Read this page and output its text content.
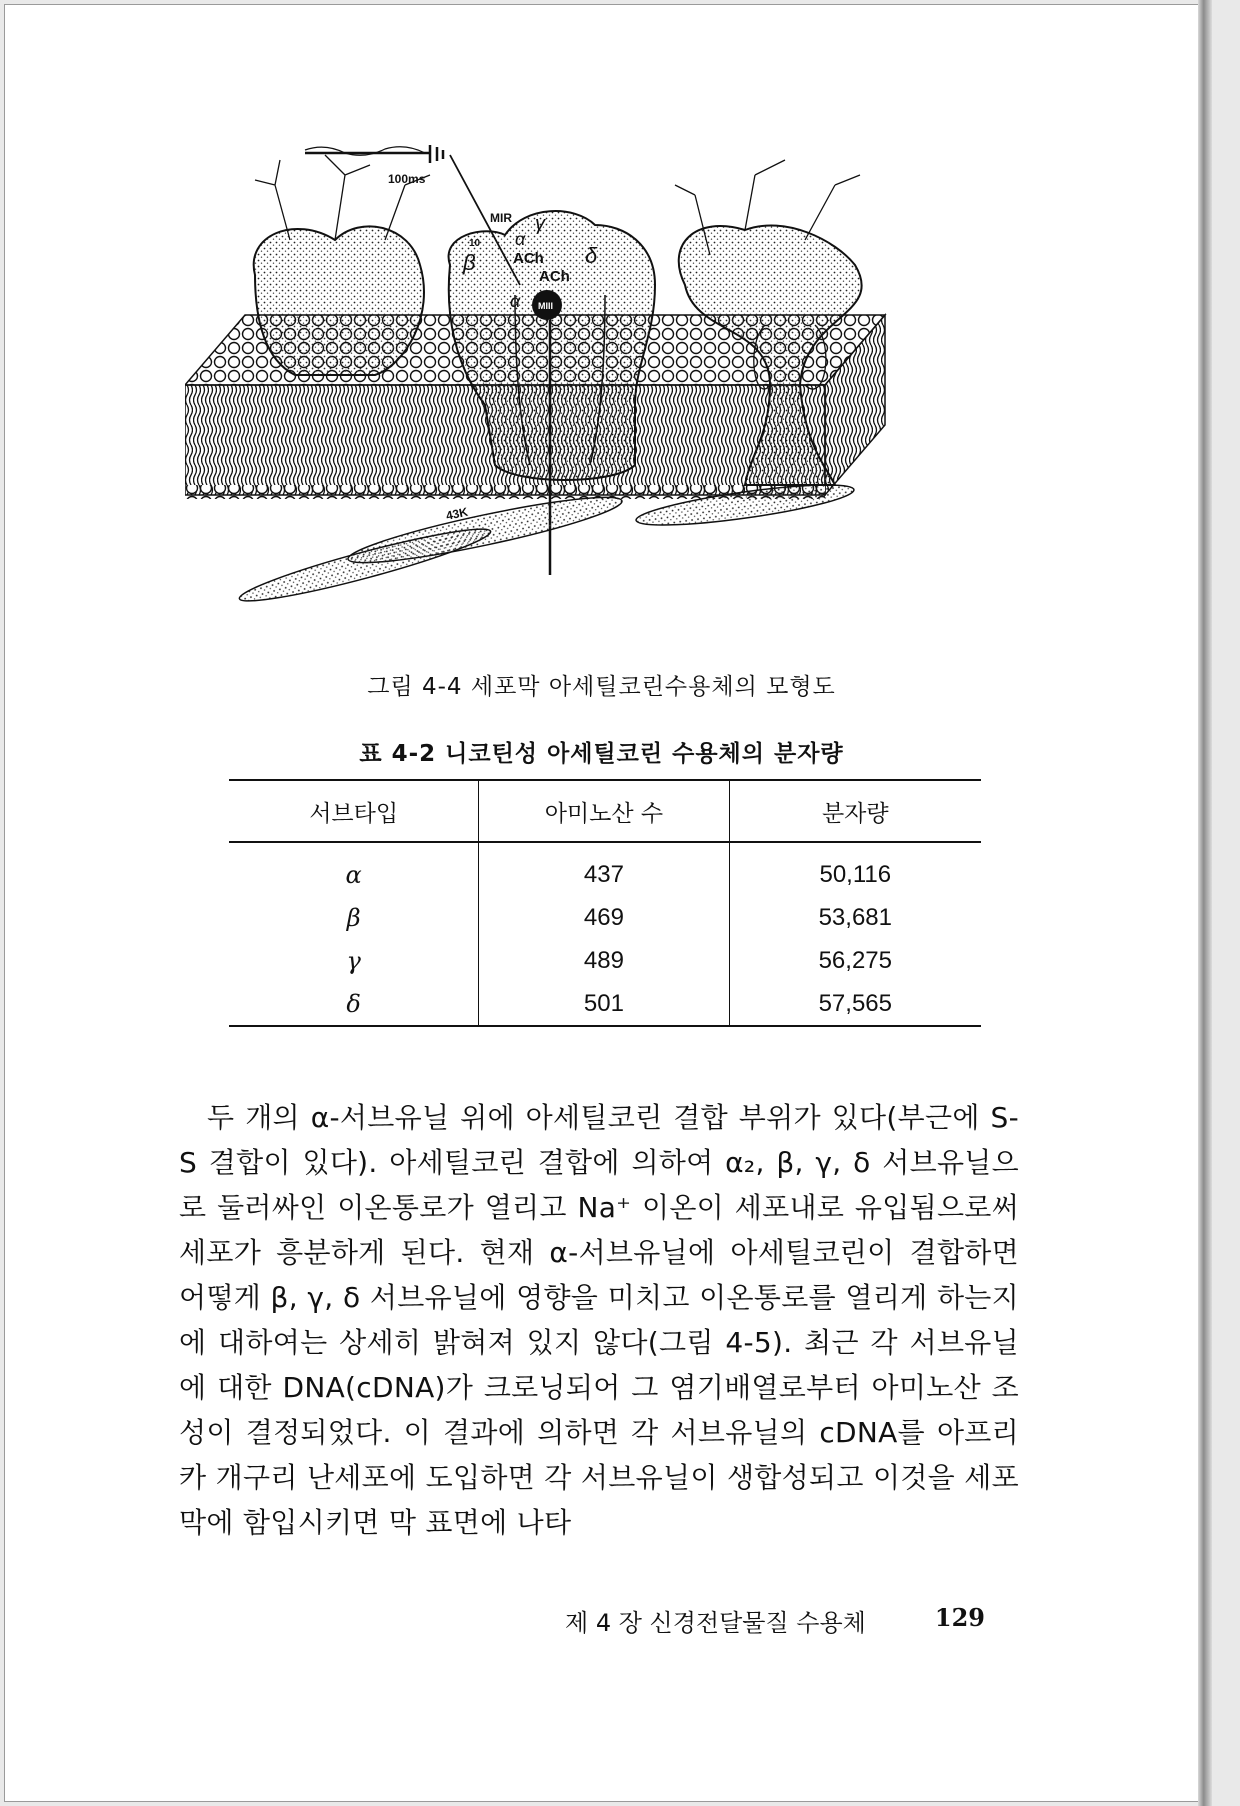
100ms
MIR
10
γ
α
ACh
ACh
β	δ
α MIII
43K
그림 4-4 세포막 아세틸코린수용체의 모형도
표 4-2 니코틴성 아세틸코린 수용체의 분자량
서브타입	아미노산 수	분자량
α	437	50,116
β	469	53,681
γ	489	56,275
δ	501	57,565

두 개의 α-서브유닐 위에 아세틸코린 결합 부위가 있다(부근에 S-S 결합이 있다). 아세틸코린 결합에 의하여 α₂, β, γ, δ 서브유닐으로 둘러싸인 이온통로가 열리고 Na⁺ 이온이 세포내로 유입됨으로써 세포가 흥분하게 된다. 현재 α-서브유닐에 아세틸코린이 결합하면 어떻게 β, γ, δ 서브유닐에 영향을 미치고 이온통로를 열리게 하는지에 대하여는 상세히 밝혀져 있지 않다(그림 4-5). 최근 각 서브유닐에 대한 DNA(cDNA)가 크로닝되어 그 염기배열로부터 아미노산 조성이 결정되었다. 이 결과에 의하면 각 서브유닐의 cDNA를 아프리카 개구리 난세포에 도입하면 각 서브유닐이 생합성되고 이것을 세포막에 함입시키면 막 표면에 나타

제 4 장 신경전달물질 수용체	129
